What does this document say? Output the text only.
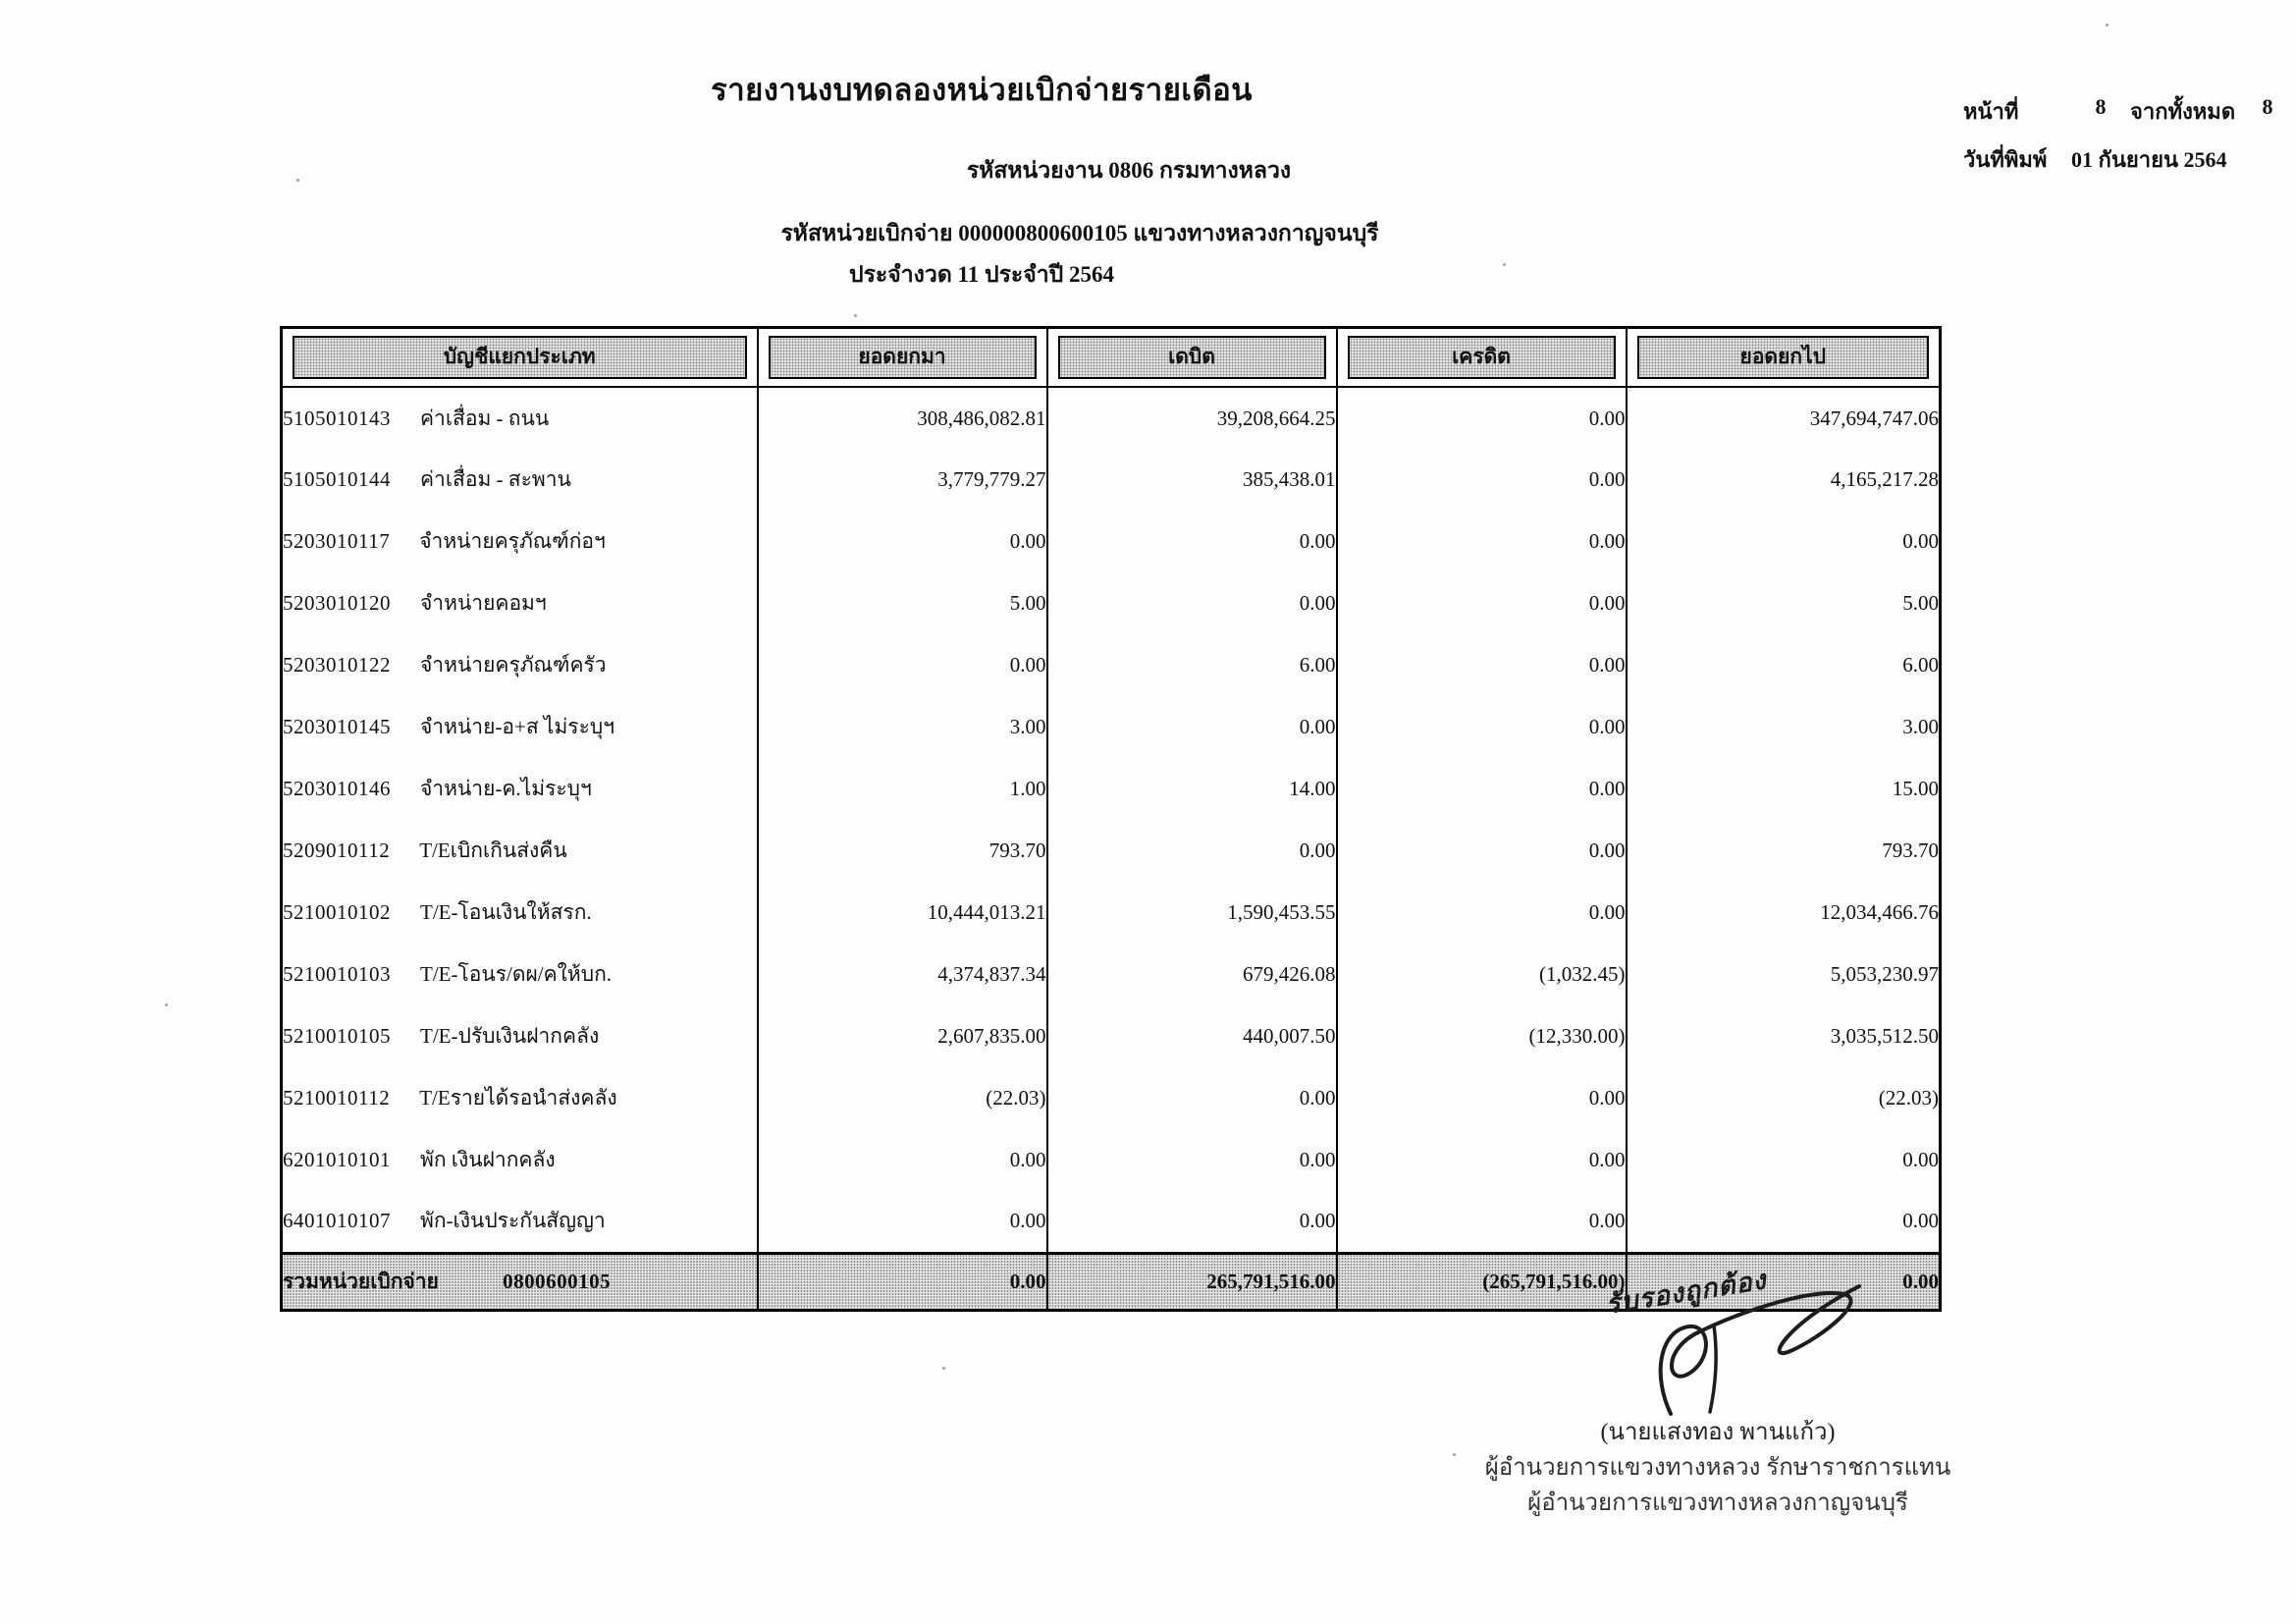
รายงานงบทดลองหน่วยเบิกจ่ายรายเดือน
รหัสหน่วยงาน 0806 กรมทางหลวง
รหัสหน่วยเบิกจ่าย 000000800600105 แขวงทางหลวงกาญจนบุรี
ประจำงวด 11 ประจำปี 2564
หน้าที่	8	จากทั้งหมด	8
วันที่พิมพ์	01 กันยายน 2564
บัญชีแยกประเภท	ยอดยกมา	เดบิต	เครดิต	ยอดยกไป

5105010143 ค่าเสื่อม - ถนน	308,486,082.81	39,208,664.25	0.00	347,694,747.06
5105010144 ค่าเสื่อม - สะพาน	3,779,779.27	385,438.01	0.00	4,165,217.28
5203010117 จำหน่ายครุภัณฑ์ก่อฯ	0.00	0.00	0.00	0.00
5203010120 จำหน่ายคอมฯ	5.00	0.00	0.00	5.00
5203010122 จำหน่ายครุภัณฑ์ครัว	0.00	6.00	0.00	6.00
5203010145 จำหน่าย-อ+ส ไม่ระบุฯ	3.00	0.00	0.00	3.00
5203010146 จำหน่าย-ค.ไม่ระบุฯ	1.00	14.00	0.00	15.00
5209010112 T/Eเบิกเกินส่งคืน	793.70	0.00	0.00	793.70
5210010102 T/E-โอนเงินให้สรก.	10,444,013.21	1,590,453.55	0.00	12,034,466.76
5210010103 T/E-โอนร/ดผ/คให้บก.	4,374,837.34	679,426.08	(1,032.45)	5,053,230.97
5210010105 T/E-ปรับเงินฝากคลัง	2,607,835.00	440,007.50	(12,330.00)	3,035,512.50
5210010112 T/Eรายได้รอนำส่งคลัง	(22.03)	0.00	0.00	(22.03)
6201010101 พัก เงินฝากคลัง	0.00	0.00	0.00	0.00
6401010107 พัก-เงินประกันสัญญา	0.00	0.00	0.00	0.00
รวมหน่วยเบิกจ่าย 0800600105	0.00	265,791,516.00	(265,791,516.00)	0.00
รับรองถูกต้อง
(นายแสงทอง พานแก้ว)
ผู้อำนวยการแขวงทางหลวง รักษาราชการแทน
ผู้อำนวยการแขวงทางหลวงกาญจนบุรี
